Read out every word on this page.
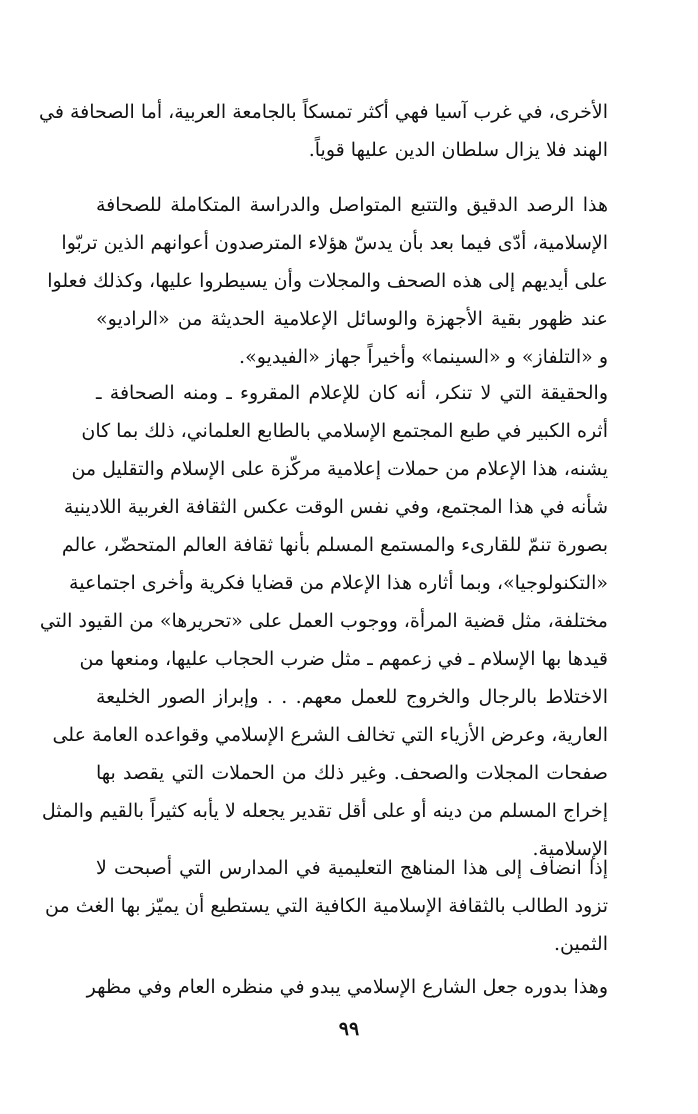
٩٩
الأخرى، في غرب آسيا فهي أكثر تمسكاً بالجامعة العربية، أما الصحافة في
الهند فلا يزال سلطان الدين عليها قوياً.
هذا الرصد الدقيق والتتبع المتواصل والدراسة المتكاملة للصحافة
الإسلامية، أدّى فيما بعد بأن يدسّ هؤلاء المترصدون أعوانهم الذين تربّوا
على أيديهم إلى هذه الصحف والمجلات وأن يسيطروا عليها، وكذلك فعلوا
عند ظهور بقية الأجهزة والوسائل الإعلامية الحديثة من «الراديو»
و «التلفاز» و «السينما» وأخيراً جهاز «الفيديو».
والحقيقة التي لا تنكر، أنه كان للإعلام المقروء ـ ومنه الصحافة ـ
أثره الكبير في طبع المجتمع الإسلامي بالطابع العلماني، ذلك بما كان
يشنه، هذا الإعلام من حملات إعلامية مركّزة على الإسلام والتقليل من
شأنه في هذا المجتمع، وفي نفس الوقت عكس الثقافة الغربية اللادينية
بصورة تنمّ للقارىء والمستمع المسلم بأنها ثقافة العالم المتحضّر، عالم
«التكنولوجيا»، وبما أثاره هذا الإعلام من قضايا فكرية وأخرى اجتماعية
مختلفة، مثل قضية المرأة، ووجوب العمل على «تحريرها» من القيود التي
قيدها بها الإسلام ـ في زعمهم ـ مثل ضرب الحجاب عليها، ومنعها من
الاختلاط بالرجال والخروج للعمل معهم. . . وإبراز الصور الخليعة
العارية، وعرض الأزياء التي تخالف الشرع الإسلامي وقواعده العامة على
صفحات المجلات والصحف. وغير ذلك من الحملات التي يقصد بها
إخراج المسلم من دينه أو على أقل تقدير يجعله لا يأبه كثيراً بالقيم والمثل
الإسلامية.
إذا انضاف إلى هذا المناهج التعليمية في المدارس التي أصبحت لا
تزود الطالب بالثقافة الإسلامية الكافية التي يستطيع أن يميّز بها الغث من
الثمين.
وهذا بدوره جعل الشارع الإسلامي يبدو في منظره العام وفي مظهر
